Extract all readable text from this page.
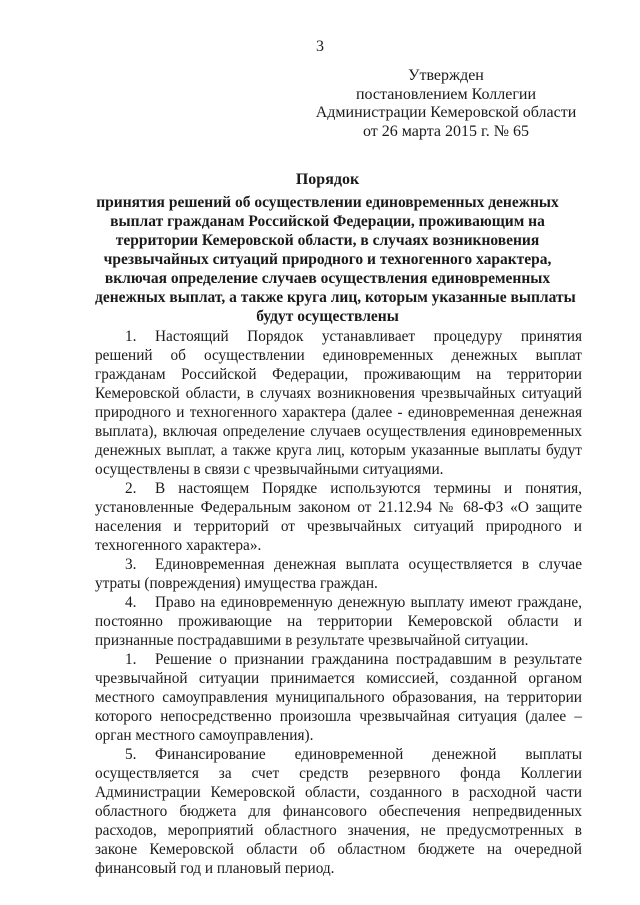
3
Утвержден
постановлением Коллегии
Администрации Кемеровской области
от 26 марта 2015 г. № 65
Порядок
принятия решений об осуществлении единовременных денежных
выплат гражданам Российской Федерации, проживающим на
территории Кемеровской области, в случаях возникновения
чрезвычайных ситуаций природного и техногенного характера,
включая определение случаев осуществления единовременных
денежных выплат, а также круга лиц, которым указанные выплаты
будут осуществлены

1. Настоящий Порядок устанавливает процедуру принятия решений об осуществлении единовременных денежных выплат гражданам Российской Федерации, проживающим на территории Кемеровской области, в случаях возникновения чрезвычайных ситуаций природного и техногенного характера (далее - единовременная денежная выплата), включая определение случаев осуществления единовременных денежных выплат, а также круга лиц, которым указанные выплаты будут осуществлены в связи с чрезвычайными ситуациями.

2. В настоящем Порядке используются термины и понятия, установленные Федеральным законом от 21.12.94 № 68-ФЗ «О защите населения и территорий от чрезвычайных ситуаций природного и техногенного характера».

3. Единовременная денежная выплата осуществляется в случае утраты (повреждения) имущества граждан.

4. Право на единовременную денежную выплату имеют граждане, постоянно проживающие на территории Кемеровской области и признанные пострадавшими в результате чрезвычайной ситуации.

1. Решение о признании гражданина пострадавшим в результате чрезвычайной ситуации принимается комиссией, созданной органом местного самоуправления муниципального образования, на территории которого непосредственно произошла чрезвычайная ситуация (далее – орган местного самоуправления).

5. Финансирование единовременной денежной выплаты осуществляется за счет средств резервного фонда Коллегии Администрации Кемеровской области, созданного в расходной части областного бюджета для финансового обеспечения непредвиденных расходов, мероприятий областного значения, не предусмотренных в законе Кемеровской области об областном бюджете на очередной финансовый год и плановый период.
